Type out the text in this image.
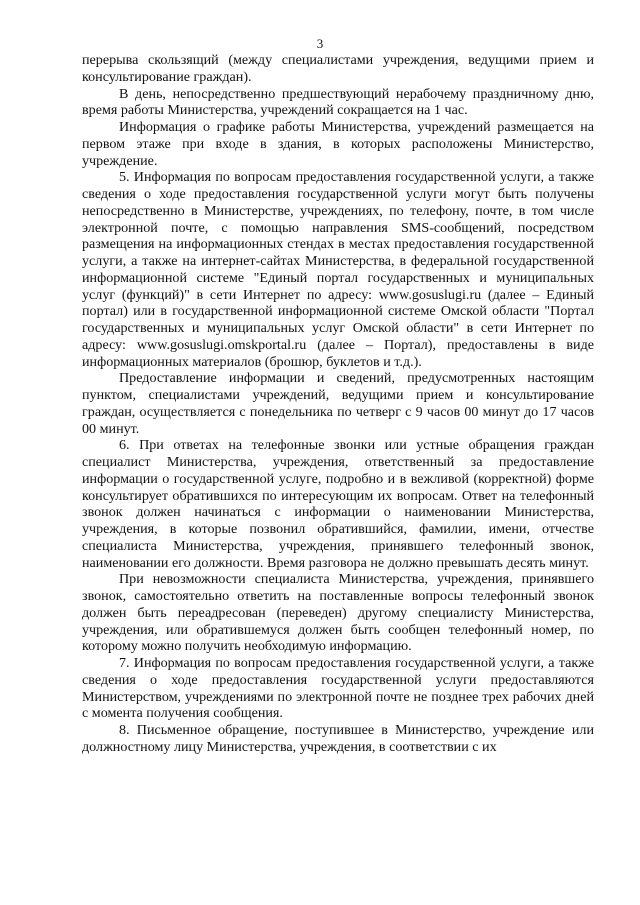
3

перерыва скользящий (между специалистами учреждения, ведущими прием и консультирование граждан).

В день, непосредственно предшествующий нерабочему праздничному дню, время работы Министерства, учреждений сокращается на 1 час.

Информация о графике работы Министерства, учреждений размещается на первом этаже при входе в здания, в которых расположены Министерство, учреждение.

5. Информация по вопросам предоставления государственной услуги, а также сведения о ходе предоставления государственной услуги могут быть получены непосредственно в Министерстве, учреждениях, по телефону, почте, в том числе электронной почте, с помощью направления SMS-сообщений, посредством размещения на информационных стендах в местах предоставления государственной услуги, а также на интернет-сайтах Министерства, в федеральной государственной информационной системе "Единый портал государственных и муниципальных услуг (функций)" в сети Интернет по адресу: www.gosuslugi.ru (далее – Единый портал) или в государственной информационной системе Омской области "Портал государственных и муниципальных услуг Омской области" в сети Интернет по адресу: www.gosuslugi.omskportal.ru (далее – Портал), предоставлены в виде информационных материалов (брошюр, буклетов и т.д.).

Предоставление информации и сведений, предусмотренных настоящим пунктом, специалистами учреждений, ведущими прием и консультирование граждан, осуществляется с понедельника по четверг с 9 часов 00 минут до 17 часов 00 минут.

6. При ответах на телефонные звонки или устные обращения граждан специалист Министерства, учреждения, ответственный за предоставление информации о государственной услуге, подробно и в вежливой (корректной) форме консультирует обратившихся по интересующим их вопросам. Ответ на телефонный звонок должен начинаться с информации о наименовании Министерства, учреждения, в которые позвонил обратившийся, фамилии, имени, отчестве специалиста Министерства, учреждения, принявшего телефонный звонок, наименовании его должности. Время разговора не должно превышать десять минут.

При невозможности специалиста Министерства, учреждения, принявшего звонок, самостоятельно ответить на поставленные вопросы телефонный звонок должен быть переадресован (переведен) другому специалисту Министерства, учреждения, или обратившемуся должен быть сообщен телефонный номер, по которому можно получить необходимую информацию.

7. Информация по вопросам предоставления государственной услуги, а также сведения о ходе предоставления государственной услуги предоставляются Министерством, учреждениями по электронной почте не позднее трех рабочих дней с момента получения сообщения.

8. Письменное обращение, поступившее в Министерство, учреждение или должностному лицу Министерства, учреждения, в соответствии с их
